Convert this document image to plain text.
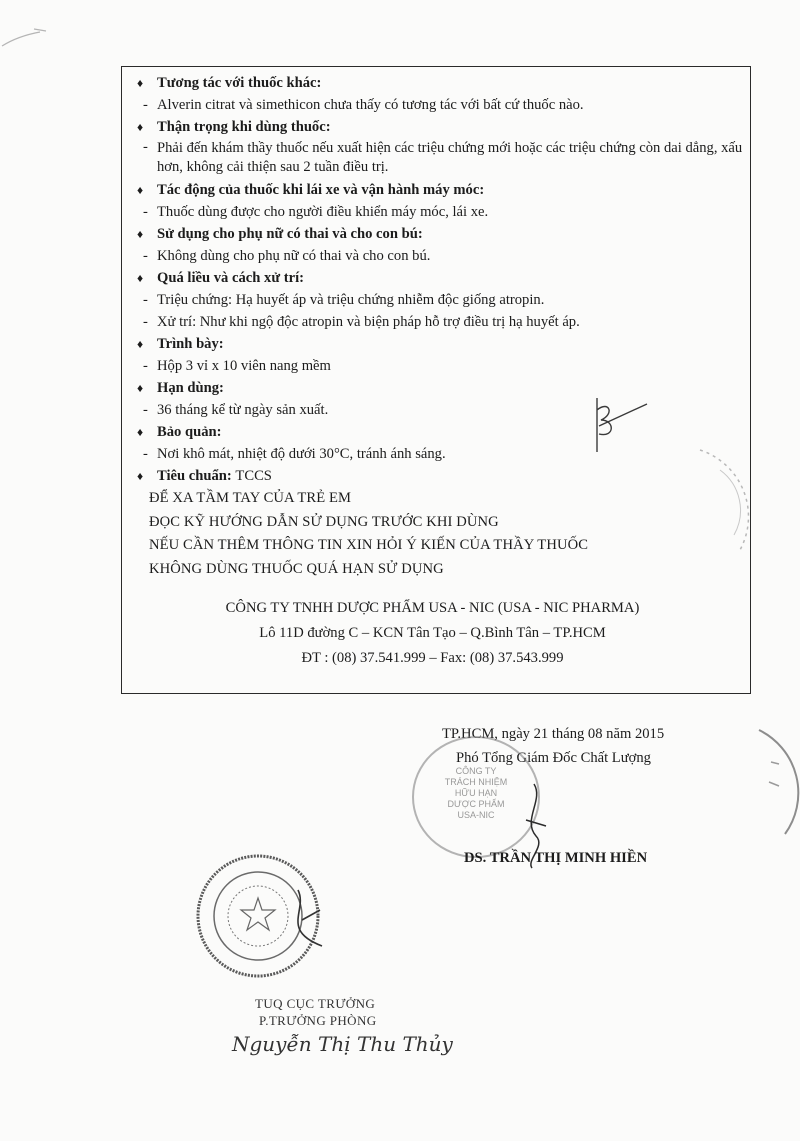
♦ Tương tác với thuốc khác:
- Alverin citrat và simethicon chưa thấy có tương tác với bất cứ thuốc nào.
♦ Thận trọng khi dùng thuốc:
- Phải đến khám thầy thuốc nếu xuất hiện các triệu chứng mới hoặc các triệu chứng còn dai dẳng, xấu hơn, không cải thiện sau 2 tuần điều trị.
♦ Tác động của thuốc khi lái xe và vận hành máy móc:
- Thuốc dùng được cho người điều khiển máy móc, lái xe.
♦ Sử dụng cho phụ nữ có thai và cho con bú:
- Không dùng cho phụ nữ có thai và cho con bú.
♦ Quá liều và cách xử trí:
- Triệu chứng: Hạ huyết áp và triệu chứng nhiễm độc giống atropin.
- Xử trí: Như khi ngộ độc atropin và biện pháp hỗ trợ điều trị hạ huyết áp.
♦ Trình bày:
- Hộp 3 vỉ x 10 viên nang mềm
♦ Hạn dùng:
- 36 tháng kể từ ngày sản xuất.
♦ Bảo quản:
- Nơi khô mát, nhiệt độ dưới 30°C, tránh ánh sáng.
♦ Tiêu chuẩn: TCCS
ĐỂ XA TẦM TAY CỦA TRẺ EM
ĐỌC KỸ HƯỚNG DẪN SỬ DỤNG TRƯỚC KHI DÙNG
NẾU CẦN THÊM THÔNG TIN XIN HỎI Ý KIẾN CỦA THẦY THUỐC
KHÔNG DÙNG THUỐC QUÁ HẠN SỬ DỤNG
CÔNG TY TNHH DƯỢC PHẨM USA - NIC (USA - NIC PHARMA)
Lô 11D đường C – KCN Tân Tạo – Q.Bình Tân – TP.HCM
ĐT : (08) 37.541.999 – Fax: (08) 37.543.999
TP.HCM, ngày 21 tháng 08 năm 2015
Phó Tổng Giám Đốc Chất Lượng
CÔNG TY
TRÁCH NHIỆM HỮU HẠN
DƯỢC PHẨM
USA-NIC
DS. TRẦN THỊ MINH HIỀN
TUQ CỤC TRƯỞNG
P.TRƯỞNG PHÒNG
Nguyễn Thị Thu Thủy
